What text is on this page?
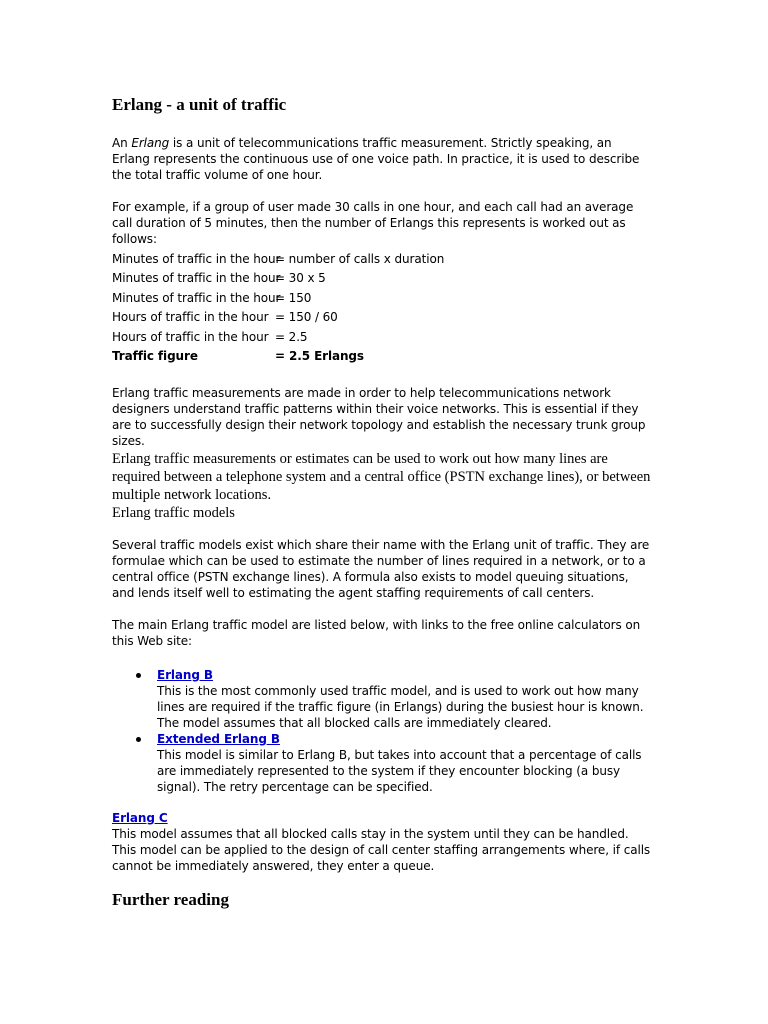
Erlang - a unit of traffic

An Erlang is a unit of telecommunications traffic measurement. Strictly speaking, an Erlang represents the continuous use of one voice path. In practice, it is used to describe the total traffic volume of one hour.

For example, if a group of user made 30 calls in one hour, and each call had an average call duration of 5 minutes, then the number of Erlangs this represents is worked out as follows:

Minutes of traffic in the hour
= number of calls x duration
Minutes of traffic in the hour
= 30 x 5
Minutes of traffic in the hour
= 150
Hours of traffic in the hour = 150 / 60
Hours of traffic in the hour = 2.5
Traffic figure	= 2.5 Erlangs

Erlang traffic measurements are made in order to help telecommunications network designers understand traffic patterns within their voice networks. This is essential if they are to successfully design their network topology and establish the necessary trunk group sizes.

Erlang traffic measurements or estimates can be used to work out how many lines are required between a telephone system and a central office (PSTN exchange lines), or between multiple network locations.

Erlang traffic models

Several traffic models exist which share their name with the Erlang unit of traffic. They are formulae which can be used to estimate the number of lines required in a network, or to a central office (PSTN exchange lines). A formula also exists to model queuing situations, and lends itself well to estimating the agent staffing requirements of call centers.

The main Erlang traffic model are listed below, with links to the free online calculators on this Web site:

Erlang B
This is the most commonly used traffic model, and is used to work out how many lines are required if the traffic figure (in Erlangs) during the busiest hour is known. The model assumes that all blocked calls are immediately cleared.
Extended Erlang B
This model is similar to Erlang B, but takes into account that a percentage of calls are immediately represented to the system if they encounter blocking (a busy signal). The retry percentage can be specified.
Erlang C
This model assumes that all blocked calls stay in the system until they can be handled. This model can be applied to the design of call center staffing arrangements where, if calls cannot be immediately answered, they enter a queue.
Further reading
